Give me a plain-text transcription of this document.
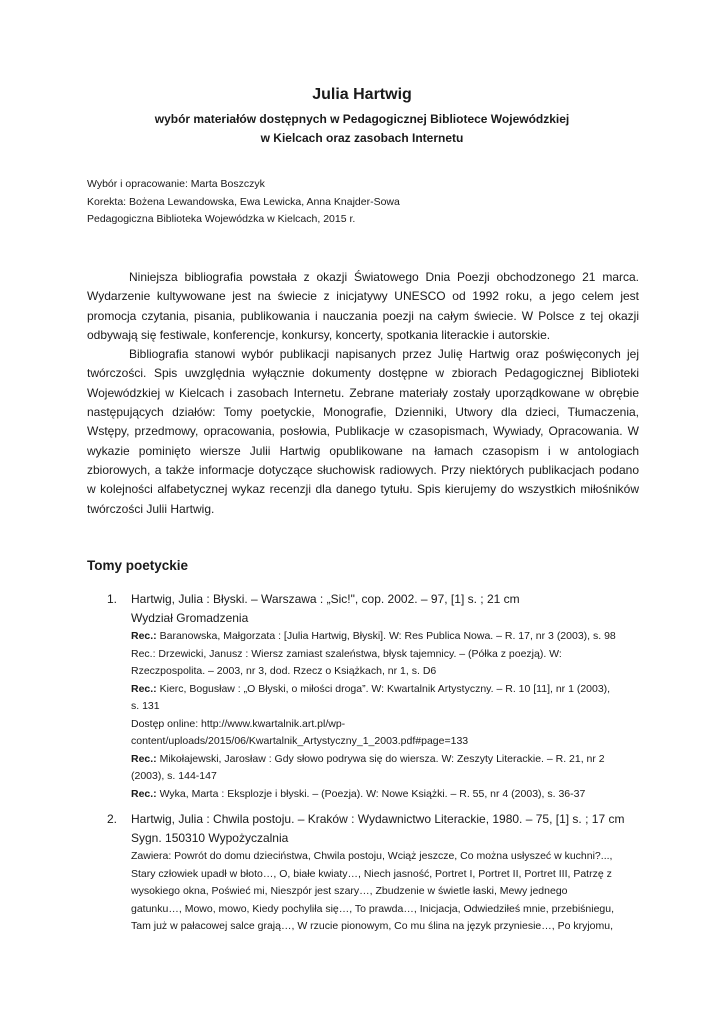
Julia Hartwig
wybór materiałów dostępnych w Pedagogicznej Bibliotece Wojewódzkiej
w Kielcach oraz zasobach Internetu
Wybór i opracowanie: Marta Boszczyk
Korekta: Bożena Lewandowska, Ewa Lewicka, Anna Knajder-Sowa
Pedagogiczna Biblioteka Wojewódzka w Kielcach, 2015 r.

Niniejsza bibliografia powstała z okazji Światowego Dnia Poezji obchodzonego 21 marca. Wydarzenie kultywowane jest na świecie z inicjatywy UNESCO od 1992 roku, a jego celem jest promocja czytania, pisania, publikowania i nauczania poezji na całym świecie. W Polsce z tej okazji odbywają się festiwale, konferencje, konkursy, koncerty, spotkania literackie i autorskie.

Bibliografia stanowi wybór publikacji napisanych przez Julię Hartwig oraz poświęconych jej twórczości. Spis uwzględnia wyłącznie dokumenty dostępne w zbiorach Pedagogicznej Biblioteki Wojewódzkiej w Kielcach i zasobach Internetu. Zebrane materiały zostały uporządkowane w obrębie następujących działów: Tomy poetyckie, Monografie, Dzienniki, Utwory dla dzieci, Tłumaczenia, Wstępy, przedmowy, opracowania, posłowia, Publikacje w czasopismach, Wywiady, Opracowania. W wykazie pominięto wiersze Julii Hartwig opublikowane na łamach czasopism i w antologiach zbiorowych, a także informacje dotyczące słuchowisk radiowych. Przy niektórych publikacjach podano w kolejności alfabetycznej wykaz recenzji dla danego tytułu. Spis kierujemy do wszystkich miłośników twórczości Julii Hartwig.

Tomy poetyckie
1. Hartwig, Julia : Błyski. – Warszawa : „Sic!", cop. 2002. – 97, [1] s. ; 21 cm
Wydział Gromadzenia
Rec.: Baranowska, Małgorzata : [Julia Hartwig, Błyski]. W: Res Publica Nowa. – R. 17, nr 3 (2003), s. 98
Rec.: Drzewicki, Janusz : Wiersz zamiast szaleństwa, błysk tajemnicy. – (Półka z poezją). W:
Rzeczpospolita. – 2003, nr 3, dod. Rzecz o Książkach, nr 1, s. D6
Rec.: Kierc, Bogusław : „O Błyski, o miłości droga”. W: Kwartalnik Artystyczny. – R. 10 [11], nr 1 (2003),
s. 131
Dostęp online: http://www.kwartalnik.art.pl/wp-
content/uploads/2015/06/Kwartalnik_Artystyczny_1_2003.pdf#page=133
Rec.: Mikołajewski, Jarosław : Gdy słowo podrywa się do wiersza. W: Zeszyty Literackie. – R. 21, nr 2
(2003), s. 144-147
Rec.: Wyka, Marta : Eksplozje i błyski. – (Poezja). W: Nowe Książki. – R. 55, nr 4 (2003), s. 36-37
2. Hartwig, Julia : Chwila postoju. – Kraków : Wydawnictwo Literackie, 1980. – 75, [1] s. ; 17 cm
Sygn. 150310 Wypożyczalnia
Zawiera: Powrót do domu dzieciństwa, Chwila postoju, Wciąż jeszcze, Co można usłyszeć w kuchni?...,
Stary człowiek upadł w błoto…, O, białe kwiaty…, Niech jasność, Portret I, Portret II, Portret III, Patrzę z
wysokiego okna, Poświeć mi, Nieszpór jest szary…, Zbudzenie w świetle łaski, Mewy jednego
gatunku…, Mowo, mowo, Kiedy pochyliła się…, To prawda…, Inicjacja, Odwiedziłeś mnie, przebiśniegu,
Tam już w pałacowej salce grają…, W rzucie pionowym, Co mu ślina na język przyniesie…, Po kryjomu,
